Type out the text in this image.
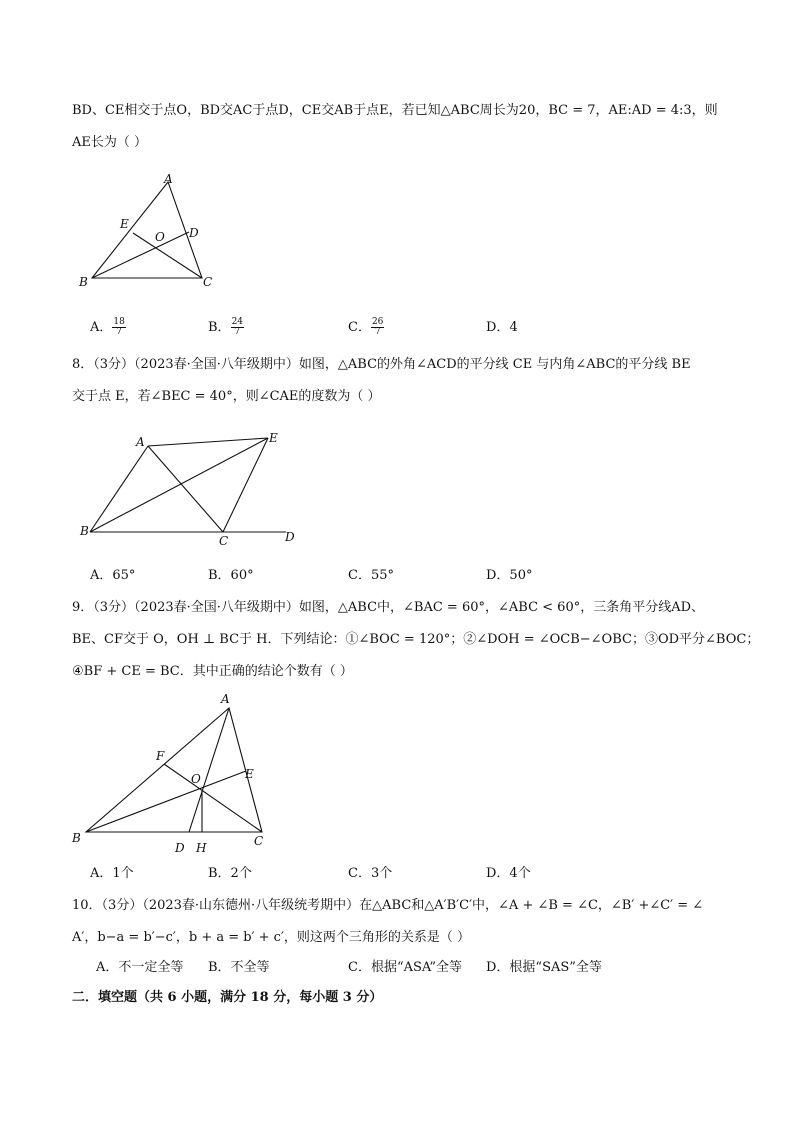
BD、CE相交于点O，BD交AC于点D，CE交AB于点E，若已知△ABC周长为20，BC = 7，AE:AD = 4:3，则
AE长为（ ）
A
E
O D
B	C
A． $\frac{18}{7}$	B． $\frac{24}{7}$	C． $\frac{26}{7}$	D．4
8．（3分）（2023春·全国·八年级期中）如图，△ABC的外角∠ACD的平分线 CE 与内角∠ABC的平分线 BE
交于点 E，若∠BEC = 40°，则∠CAE的度数为（ ）
A	E
B
C	D
A．65°	B．60°	C．55°	D．50°
9．（3分）（2023春·全国·八年级期中）如图，△ABC中，∠BAC = 60°，∠ABC < 60°，三条角平分线AD、
BE、CF交于 O，OH ⊥ BC于 H．下列结论：①∠BOC = 120°；②∠DOH = ∠OCB−∠OBC；③OD平分∠BOC；
④BF + CE = BC．其中正确的结论个数有（ ）
A
F
O	E
B
D H	C
A．1个	B．2个	C．3个	D．4个
10．（3分）（2023春·山东德州·八年级统考期中）在△ABC和△A′B′C′中，∠A + ∠B = ∠C，∠B′ +∠C′ = ∠
A′，b−a = b′−c′，b + a = b′ + c′，则这两个三角形的关系是（ ）
A．不一定全等 B．不全等	C．根据“ASA”全等 D．根据“SAS”全等
二．填空题（共 6 小题，满分 18 分，每小题 3 分）
